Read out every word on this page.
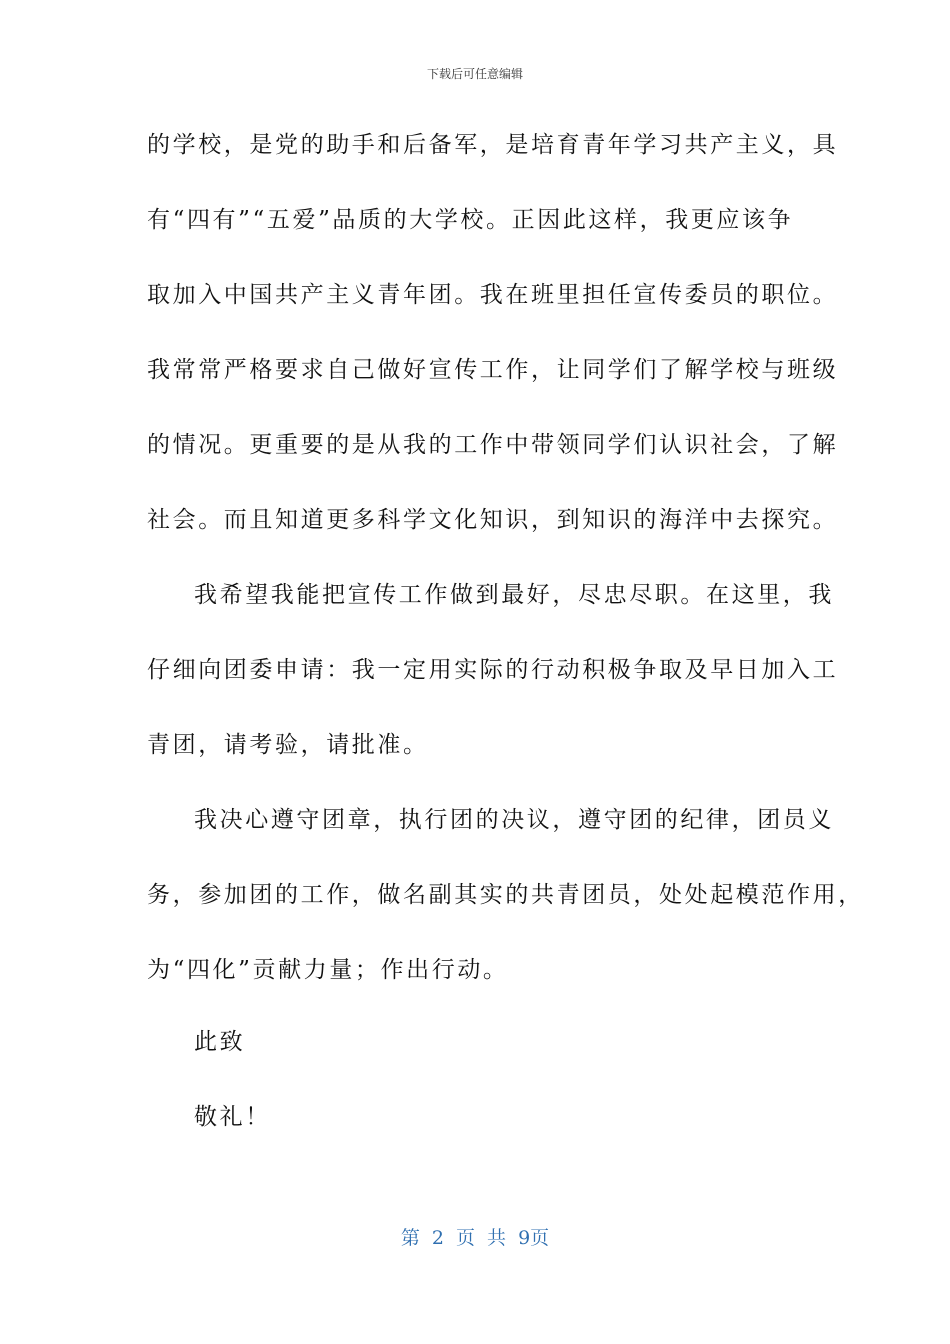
下载后可任意编辑
的学校，是党的助手和后备军，是培育青年学习共产主义，具
有“四有”“五爱”品质的大学校。正因此这样，我更应该争
取加入中国共产主义青年团。我在班里担任宣传委员的职位。
我常常严格要求自己做好宣传工作，让同学们了解学校与班级
的情况。更重要的是从我的工作中带领同学们认识社会，了解
社会。而且知道更多科学文化知识，到知识的海洋中去探究。
我希望我能把宣传工作做到最好，尽忠尽职。在这里，我
仔细向团委申请：我一定用实际的行动积极争取及早日加入工
青团，请考验，请批准。
我决心遵守团章，执行团的决议，遵守团的纪律，团员义
务，参加团的工作，做名副其实的共青团员，处处起模范作用，
为“四化”贡献力量；作出行动。
此致
敬礼！
第 2 页 共 9页
